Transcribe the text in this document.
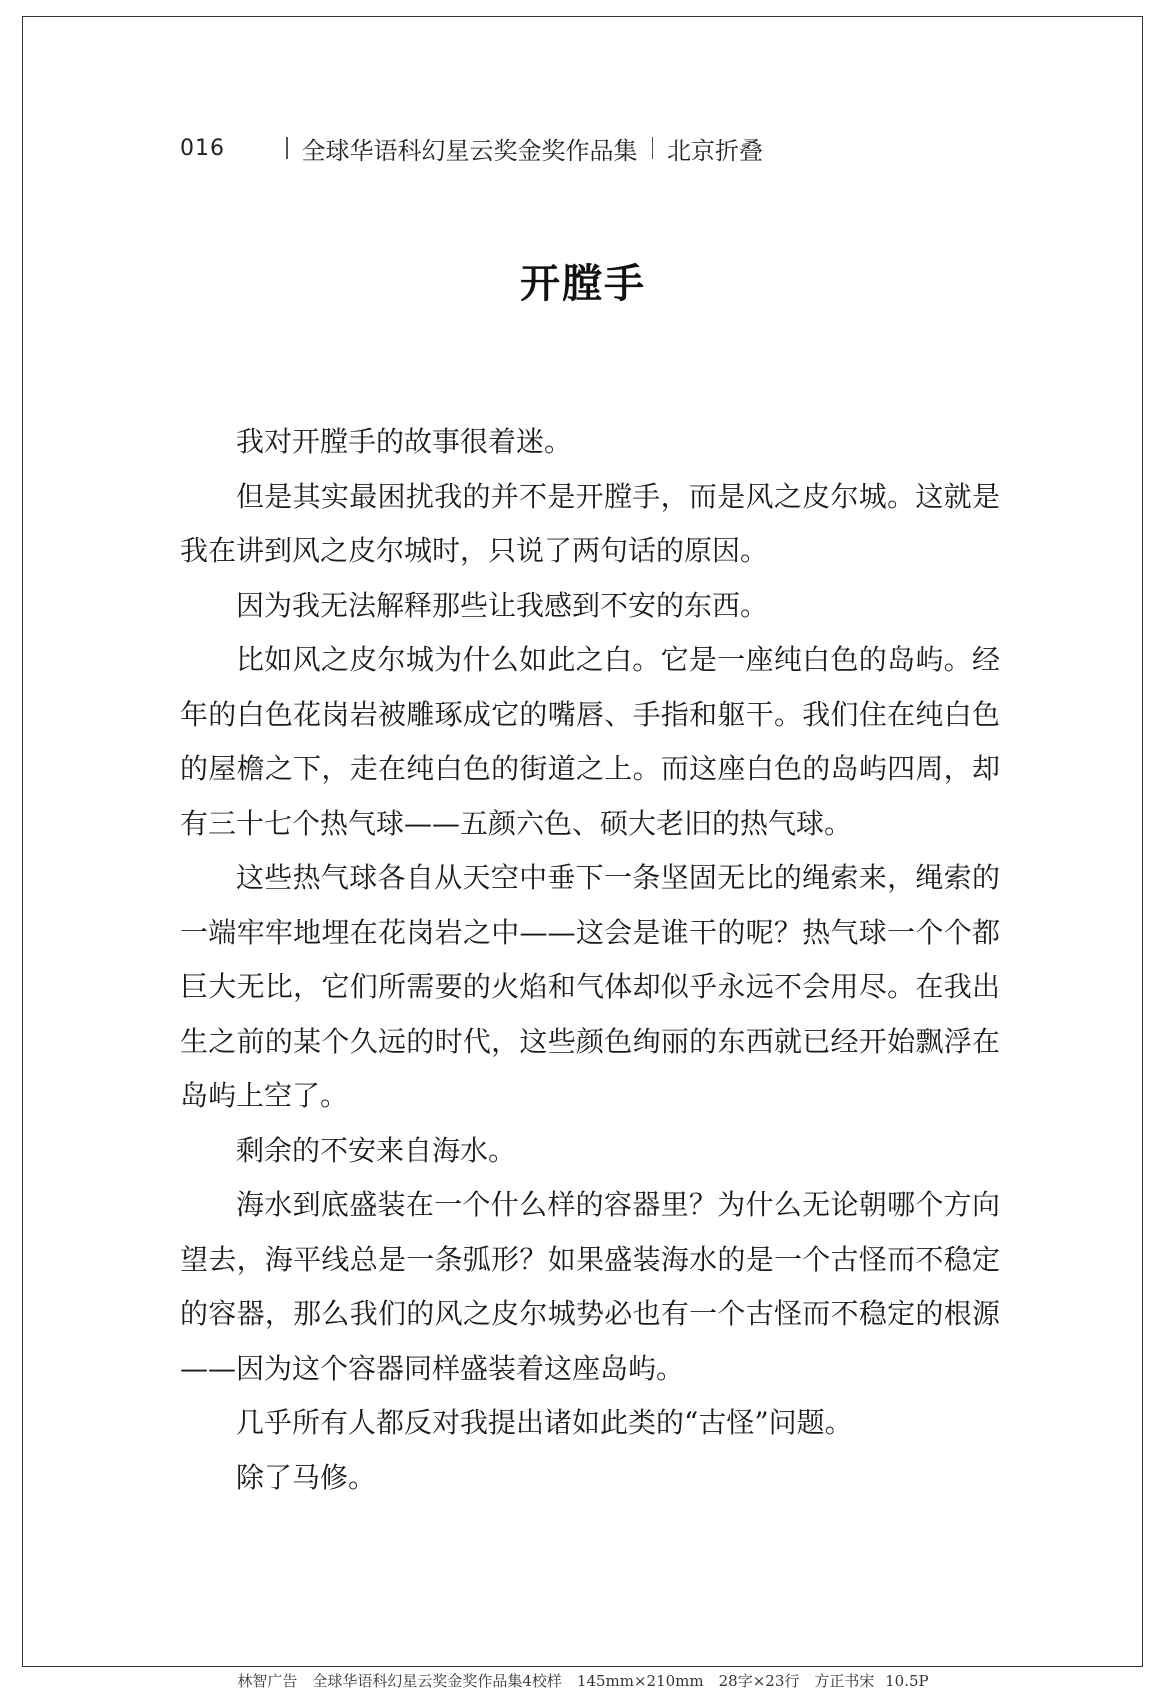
016	全球华语科幻星云奖金奖作品集 北京折叠
开膛手

我对开膛手的故事很着迷。

但是其实最困扰我的并不是开膛手，而是风之皮尔城。这就是我在讲到风之皮尔城时，只说了两句话的原因。

因为我无法解释那些让我感到不安的东西。

比如风之皮尔城为什么如此之白。它是一座纯白色的岛屿。经年的白色花岗岩被雕琢成它的嘴唇、手指和躯干。我们住在纯白色的屋檐之下，走在纯白色的街道之上。而这座白色的岛屿四周，却有三十七个热气球——五颜六色、硕大老旧的热气球。

这些热气球各自从天空中垂下一条坚固无比的绳索来，绳索的一端牢牢地埋在花岗岩之中——这会是谁干的呢？热气球一个个都巨大无比，它们所需要的火焰和气体却似乎永远不会用尽。在我出生之前的某个久远的时代，这些颜色绚丽的东西就已经开始飘浮在岛屿上空了。

剩余的不安来自海水。

海水到底盛装在一个什么样的容器里？为什么无论朝哪个方向望去，海平线总是一条弧形？如果盛装海水的是一个古怪而不稳定的容器，那么我们的风之皮尔城势必也有一个古怪而不稳定的根源——因为这个容器同样盛装着这座岛屿。

几乎所有人都反对我提出诸如此类的“古怪”问题。

除了马修。

林智广告　全球华语科幻星云奖金奖作品集4校样　145mm×210mm　28字×23行　方正书宋 10.5P
